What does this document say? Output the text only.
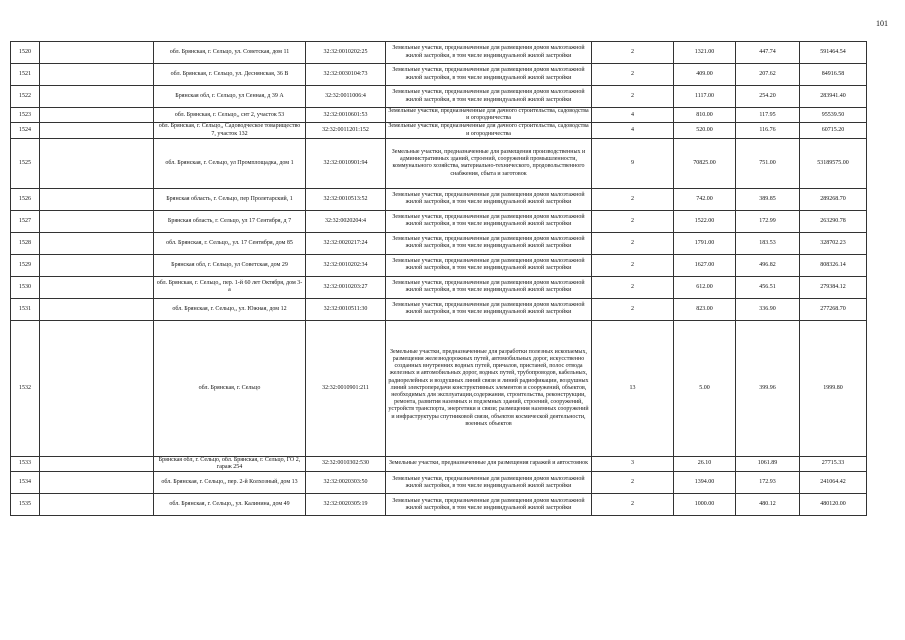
101
1520		обл. Брянская, г. Сельцо, ул. Советская, дом 11	32:32:0010202:25	Земельные участки, предназначенные для размещения домов малоэтажной жилой застройки, в том числе индивидуальной жилой застройки	2	1321.00	447.74	591464.54
1521		обл. Брянская, г. Сельцо, ул. Деснянская, 36 В	32:32:0030104:73	Земельные участки, предназначенные для размещения домов малоэтажной жилой застройки, в том числе индивидуальной жилой застройки	2	409.00	207.62	84916.58
1522		Брянская обл, г. Сельцо, ул Сенная, д 39 А	32:32:0011006:4	Земельные участки, предназначенные для размещения домов малоэтажной жилой застройки, в том числе индивидуальной жилой застройки	2	1117.00	254.20	283941.40
1523		обл. Брянская, г. Сельцо,, снт 2, участок 53	32:32:0010601:53	Земельные участки, предназначенные для дачного строительства, садоводства и огородничества	4	810.00	117.95	95539.50
1524		обл. Брянская, г. Сельцо,, Садоводческое товарищество 7, участок 132	32:32:0011201:152	Земельные участки, предназначенные для дачного строительства, садоводства и огородничества	4	520.00	116.76	60715.20
1525		обл. Брянская, г. Сельцо, ул Промплощадка, дом 1	32:32:0010901:94	Земельные участки, предназначенные для размещения производственных и административных зданий, строений, сооружений промышленности, коммунального хозяйства, материально-технического, продовольственного снабжения, сбыта и заготовок	9	70825.00	751.00	53189575.00
1526		Брянская область, г. Сельцо, пер Пролетарский, 1	32:32:0010513:52	Земельные участки, предназначенные для размещения домов малоэтажной жилой застройки, в том числе индивидуальной жилой застройки	2	742.00	389.85	289268.70
1527		Брянская область, г. Сельцо, ул 17 Сентября, д 7	32:32:0020204:4	Земельные участки, предназначенные для размещения домов малоэтажной жилой застройки, в том числе индивидуальной жилой застройки	2	1522.00	172.99	263290.78
1528		обл. Брянская, г. Сельцо,, ул. 17 Сентября, дом 85	32:32:0020217:24	Земельные участки, предназначенные для размещения домов малоэтажной жилой застройки, в том числе индивидуальной жилой застройки	2	1791.00	183.53	328702.23
1529		Брянская обл, г. Сельцо, ул Советская, дом 29	32:32:0010202:34	Земельные участки, предназначенные для размещения домов малоэтажной жилой застройки, в том числе индивидуальной жилой застройки	2	1627.00	496.82	808326.14
1530		обл. Брянская, г. Сельцо,, пер. 1-й 60 лет Октября, дом 3-а	32:32:0010203:27	Земельные участки, предназначенные для размещения домов малоэтажной жилой застройки, в том числе индивидуальной жилой застройки	2	612.00	456.51	279384.12
1531		обл. Брянская, г. Сельцо,, ул. Южная, дом 12	32:32:0010511:30	Земельные участки, предназначенные для размещения домов малоэтажной жилой застройки, в том числе индивидуальной жилой застройки	2	823.00	336.90	277268.70
1532		обл. Брянская, г. Сельцо	32:32:0010901:211	Земельные участки, предназначенные для разработки полезных ископаемых, размещения железнодорожных путей, автомобильных дорог, искусственно созданных внутренних водных путей, причалов, пристаней, полос отвода железных и автомобильных дорог, водных путей, трубопроводов, кабельных, радиорелейных и воздушных линий связи и линий радиофикации, воздушных линий электропередачи конструктивных элементов и сооружений, объектов, необходимых для эксплуатации,содержания, строительства, реконструкции, ремонта, развития наземных и подземных зданий, строений, сооружений, устройств транспорта, энергетики и связи; размещения наземных сооружений и инфраструктуры спутниковой связи, объектов космической деятельности, военных объектов	13	5.00	399.96	1999.80
1533		Брянская обл, г. Сельцо, обл. Брянская, г. Сельцо, ГО 2, гараж 254	32:32:0010302:530	Земельные участки, предназначенные для размещения гаражей и автостоянок	3	26.10	1061.89	27715.33
1534		обл. Брянская, г. Сельцо,, пер. 2-й Колхозный, дом 13	32:32:0020303:50	Земельные участки, предназначенные для размещения домов малоэтажной жилой застройки, в том числе индивидуальной жилой застройки	2	1394.00	172.93	241064.42
1535		обл. Брянская, г. Сельцо,, ул. Калинина, дом 49	32:32:0020305:19	Земельные участки, предназначенные для размещения домов малоэтажной жилой застройки, в том числе индивидуальной жилой застройки	2	1000.00	480.12	480120.00
